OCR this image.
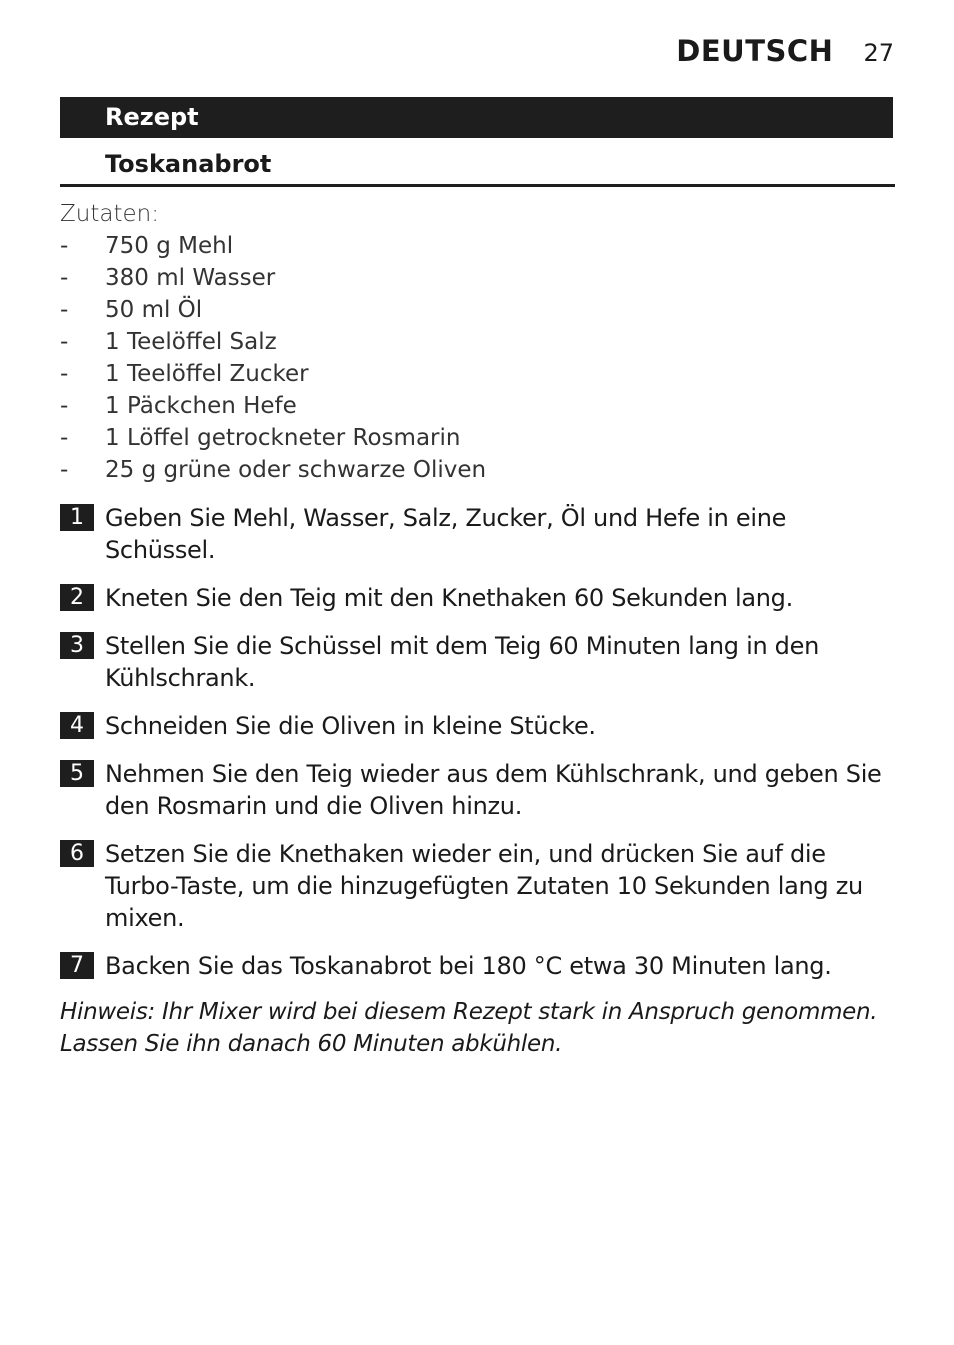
DEUTSCH 27
Rezept
Toskanabrot
Zutaten:
-	750 g Mehl
-	380 ml Wasser
-	50 ml Öl
-	1 Teelöffel Salz
-	1 Teelöffel Zucker
-	1 Päckchen Hefe
-	1 Löffel getrockneter Rosmarin
-	25 g grüne oder schwarze Oliven
1 Geben Sie Mehl, Wasser, Salz, Zucker, Öl und Hefe in eine Schüssel.
2 Kneten Sie den Teig mit den Knethaken 60 Sekunden lang.
3 Stellen Sie die Schüssel mit dem Teig 60 Minuten lang in den Kühlschrank.
4 Schneiden Sie die Oliven in kleine Stücke.
5 Nehmen Sie den Teig wieder aus dem Kühlschrank, und geben Sie den Rosmarin und die Oliven hinzu.
6 Setzen Sie die Knethaken wieder ein, und drücken Sie auf die Turbo-Taste, um die hinzugefügten Zutaten 10 Sekunden lang zu mixen.
7 Backen Sie das Toskanabrot bei 180 °C etwa 30 Minuten lang.
Hinweis: Ihr Mixer wird bei diesem Rezept stark in Anspruch genommen. Lassen Sie ihn danach 60 Minuten abkühlen.
